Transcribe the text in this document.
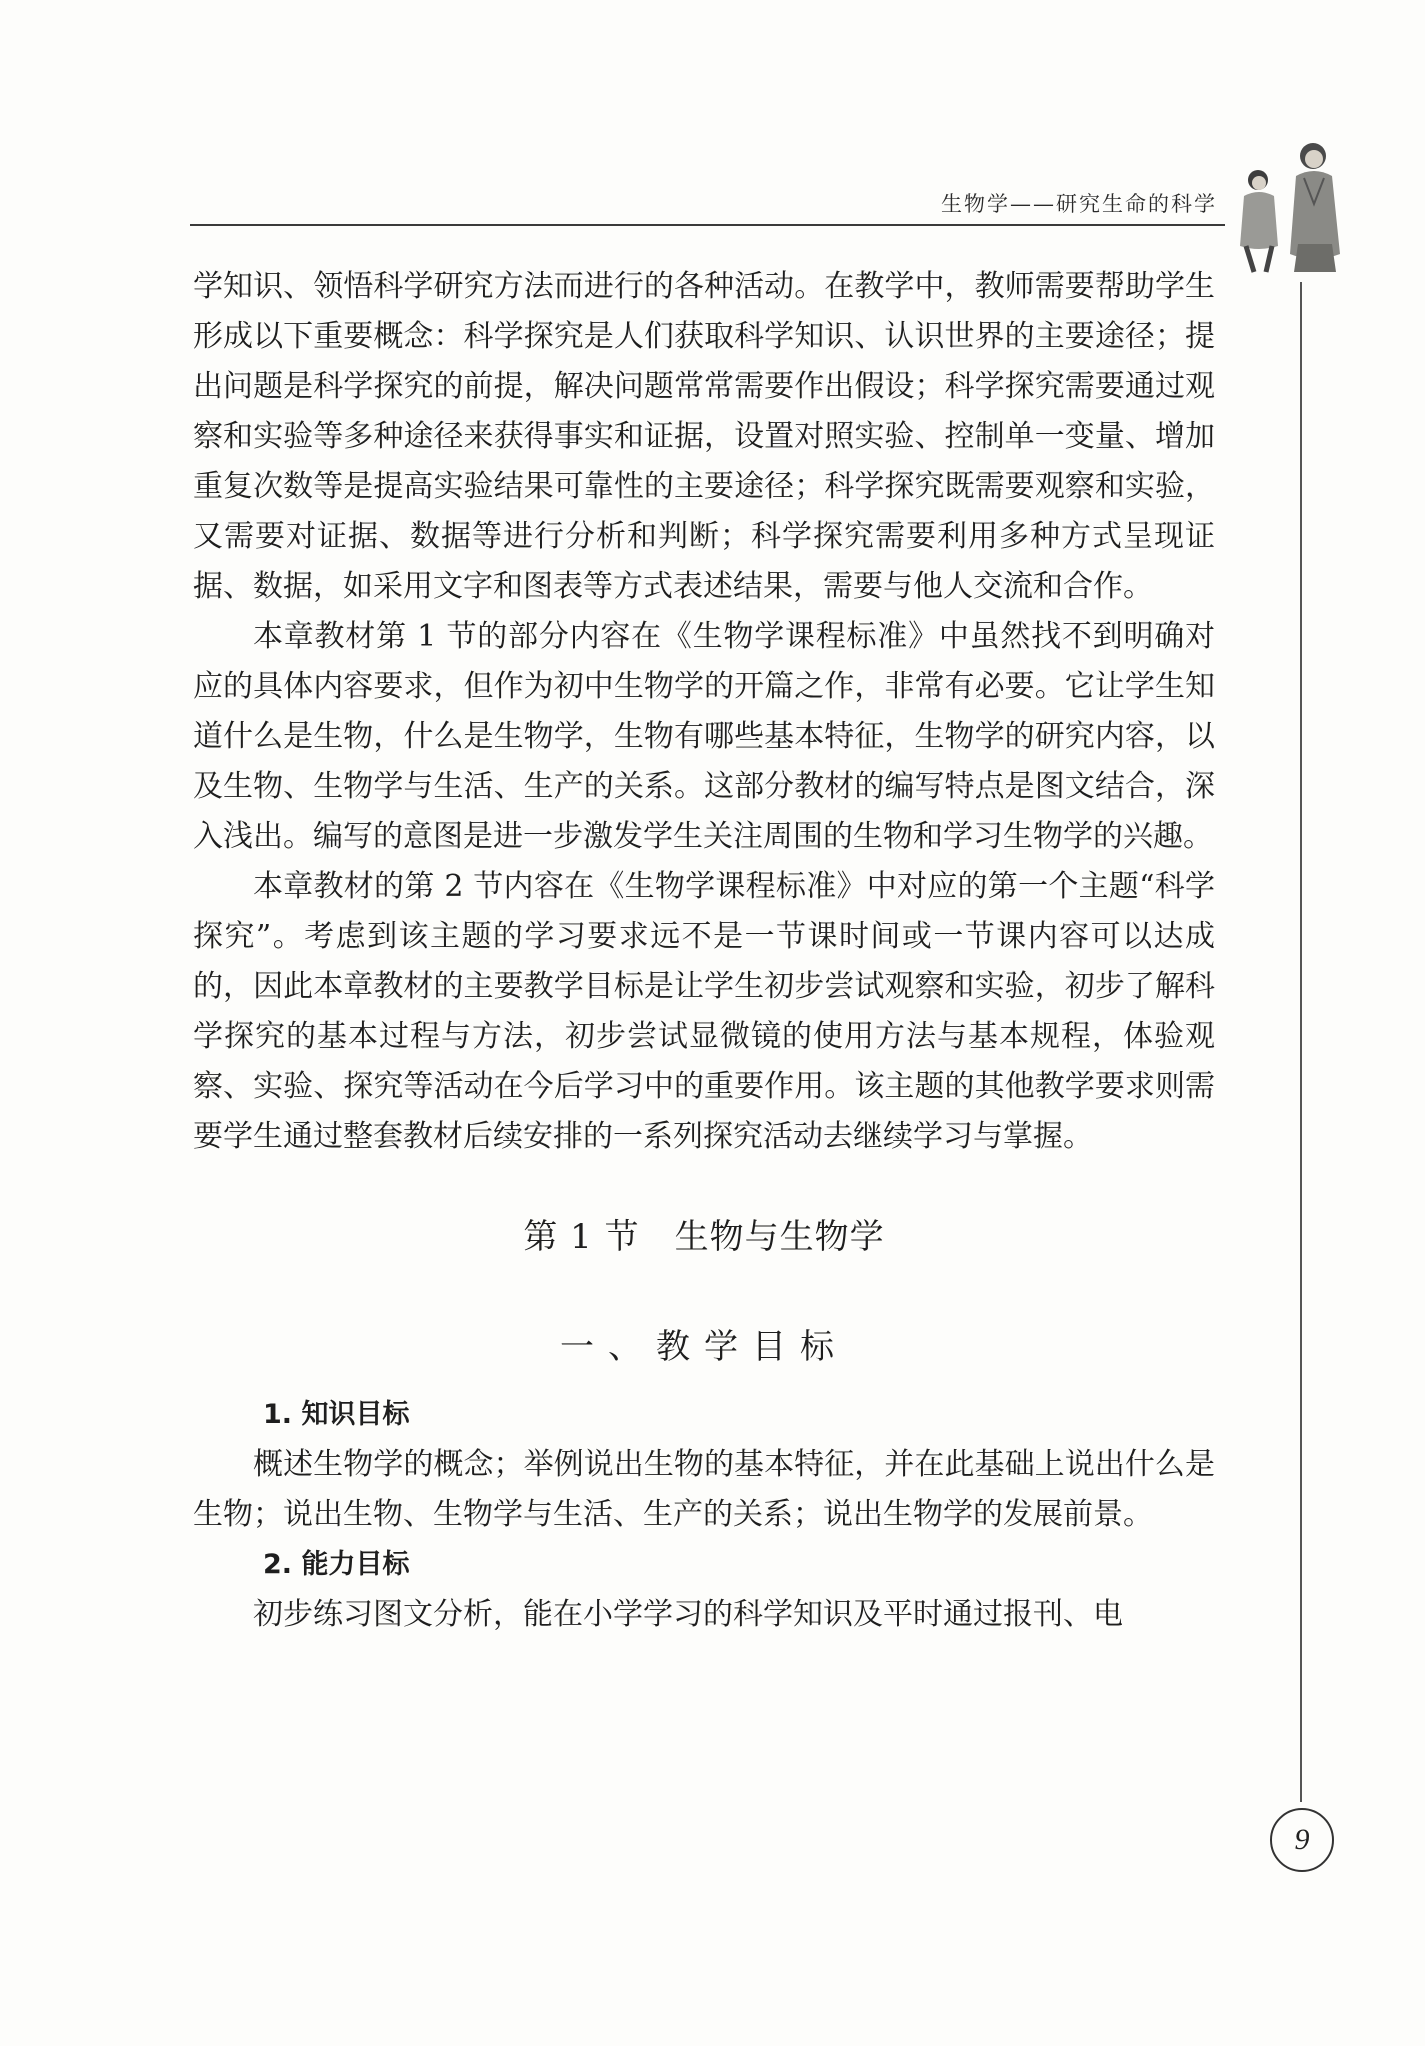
生物学——研究生命的科学
9

学知识、领悟科学研究方法而进行的各种活动。在教学中，教师需要帮助学生形成以下重要概念：科学探究是人们获取科学知识、认识世界的主要途径；提出问题是科学探究的前提，解决问题常常需要作出假设；科学探究需要通过观察和实验等多种途径来获得事实和证据，设置对照实验、控制单一变量、增加重复次数等是提高实验结果可靠性的主要途径；科学探究既需要观察和实验，又需要对证据、数据等进行分析和判断；科学探究需要利用多种方式呈现证据、数据，如采用文字和图表等方式表述结果，需要与他人交流和合作。

本章教材第 1 节的部分内容在《生物学课程标准》中虽然找不到明确对应的具体内容要求，但作为初中生物学的开篇之作，非常有必要。它让学生知道什么是生物，什么是生物学，生物有哪些基本特征，生物学的研究内容，以及生物、生物学与生活、生产的关系。这部分教材的编写特点是图文结合，深入浅出。编写的意图是进一步激发学生关注周围的生物和学习生物学的兴趣。

本章教材的第 2 节内容在《生物学课程标准》中对应的第一个主题“科学探究”。考虑到该主题的学习要求远不是一节课时间或一节课内容可以达成的，因此本章教材的主要教学目标是让学生初步尝试观察和实验，初步了解科学探究的基本过程与方法，初步尝试显微镜的使用方法与基本规程，体验观察、实验、探究等活动在今后学习中的重要作用。该主题的其他教学要求则需要学生通过整套教材后续安排的一系列探究活动去继续学习与掌握。

第 1 节　生物与生物学
一、教学目标
1. 知识目标

概述生物学的概念；举例说出生物的基本特征，并在此基础上说出什么是生物；说出生物、生物学与生活、生产的关系；说出生物学的发展前景。

2. 能力目标

初步练习图文分析，能在小学学习的科学知识及平时通过报刊、电
